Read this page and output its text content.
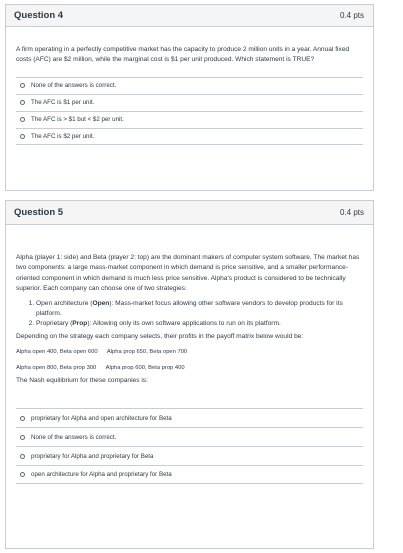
Question 4	0.4 pts

A firm operating in a perfectly competitive market has the capacity to produce 2 million units in a year. Annual fixed costs (AFC) are $2 million, while the marginal cost is $1 per unit produced. Which statement is TRUE?

None of the answers is correct.
The AFC is $1 per unit.
The AFC is > $1 but < $2 per unit.
The AFC is $2 per unit.
Question 5	0.4 pts

Alpha (player 1: side) and Beta (player 2: top) are the dominant makers of computer system software. The market has two components: a large mass-market component in which demand is price sensitive, and a smaller performance-oriented component in which demand is much less price sensitive. Alpha's product is considered to be technically superior. Each company can choose one of two strategies:

1. Open architecture (Open): Mass-market focus allowing other software vendors to develop products for its platform.
2. Proprietary (Prop): Allowing only its own software applications to run on its platform.

Depending on the strategy each company selects, their profits in the payoff matrix below would be:

Alpha open 400, Beta open 600      Alpha prop 650, Beta open 700

Alpha open 800, Beta prop 300      Alpha prop 600, Beta prop 400

The Nash equilibrium for these companies is:

proprietary for Alpha and open architecture for Beta
None of the answers is correct.
proprietary for Alpha and proprietary for Beta
open architecture for Alpha and proprietary for Beta
